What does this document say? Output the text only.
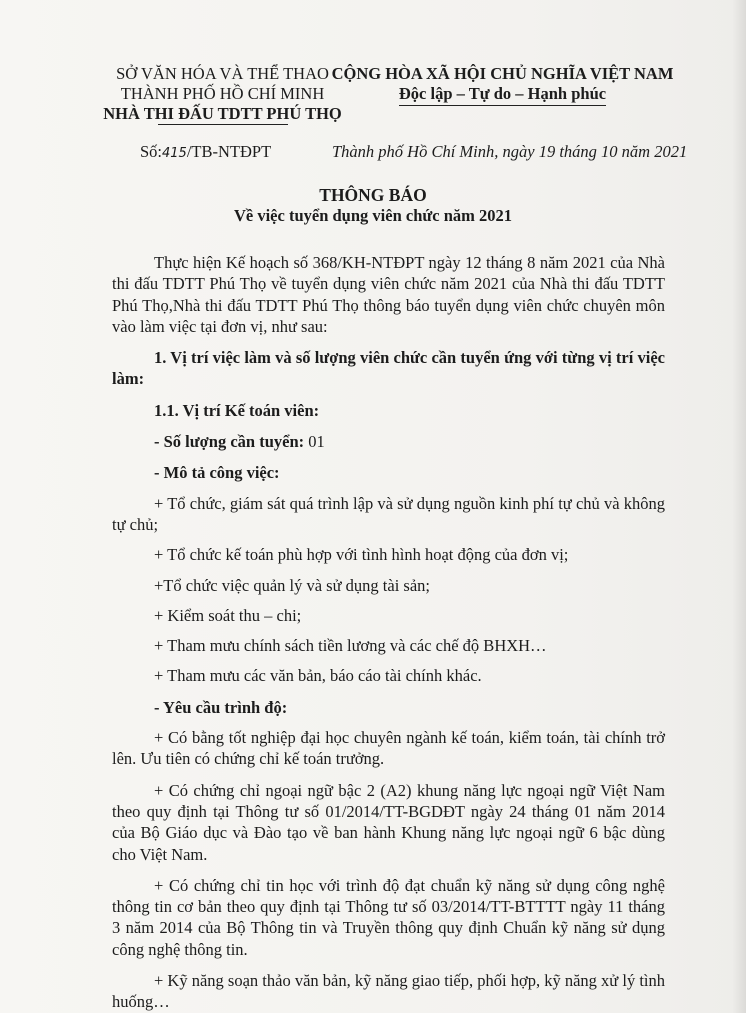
SỞ VĂN HÓA VÀ THỂ THAO
THÀNH PHỐ HỒ CHÍ MINH
NHÀ THI ĐẤU TDTT PHÚ THỌ
CỘNG HÒA XÃ HỘI CHỦ NGHĨA VIỆT NAM
Độc lập – Tự do – Hạnh phúc
Số:415/TB-NTĐPT	Thành phố Hồ Chí Minh, ngày 19 tháng 10 năm 2021
THÔNG BÁO
Về việc tuyển dụng viên chức năm 2021

Thực hiện Kế hoạch số 368/KH-NTĐPT ngày 12 tháng 8 năm 2021 của Nhà thi đấu TDTT Phú Thọ về tuyển dụng viên chức năm 2021 của Nhà thi đấu TDTT Phú Thọ,Nhà thi đấu TDTT Phú Thọ thông báo tuyển dụng viên chức chuyên môn vào làm việc tại đơn vị, như sau:

1. Vị trí việc làm và số lượng viên chức cần tuyển ứng với từng vị trí việc làm:

1.1. Vị trí Kế toán viên:

- Số lượng cần tuyển: 01

- Mô tả công việc:

+ Tổ chức, giám sát quá trình lập và sử dụng nguồn kinh phí tự chủ và không tự chủ;

+ Tổ chức kế toán phù hợp với tình hình hoạt động của đơn vị;

+Tổ chức việc quản lý và sử dụng tài sản;

+ Kiểm soát thu – chi;

+ Tham mưu chính sách tiền lương và các chế độ BHXH…

+ Tham mưu các văn bản, báo cáo tài chính khác.

- Yêu cầu trình độ:

+ Có bằng tốt nghiệp đại học chuyên ngành kế toán, kiểm toán, tài chính trở lên. Ưu tiên có chứng chỉ kế toán trưởng.

+ Có chứng chỉ ngoại ngữ bậc 2 (A2) khung năng lực ngoại ngữ Việt Nam theo quy định tại Thông tư số 01/2014/TT-BGDĐT ngày 24 tháng 01 năm 2014 của Bộ Giáo dục và Đào tạo về ban hành Khung năng lực ngoại ngữ 6 bậc dùng cho Việt Nam.

+ Có chứng chỉ tin học với trình độ đạt chuẩn kỹ năng sử dụng công nghệ thông tin cơ bản theo quy định tại Thông tư số 03/2014/TT-BTTTT ngày 11 tháng 3 năm 2014 của Bộ Thông tin và Truyền thông quy định Chuẩn kỹ năng sử dụng công nghệ thông tin.

+ Kỹ năng soạn thảo văn bản, kỹ năng giao tiếp, phối hợp, kỹ năng xử lý tình huống…
